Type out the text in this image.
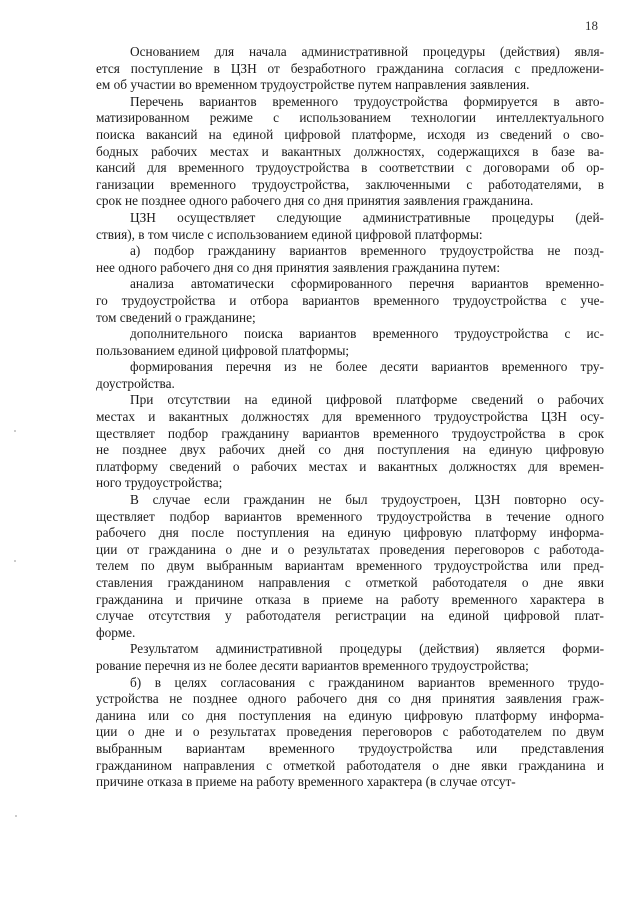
18
Основанием для начала административной процедуры (действия) явля-
ется поступление в ЦЗН от безработного гражданина согласия с предложени-
ем об участии во временном трудоустройстве путем направления заявления.
Перечень вариантов временного трудоустройства формируется в авто-
матизированном режиме с использованием технологии интеллектуального
поиска вакансий на единой цифровой платформе, исходя из сведений о сво-
бодных рабочих местах и вакантных должностях, содержащихся в базе ва-
кансий для временного трудоустройства в соответствии с договорами об ор-
ганизации временного трудоустройства, заключенными с работодателями, в
срок не позднее одного рабочего дня со дня принятия заявления гражданина.
ЦЗН осуществляет следующие административные процедуры (дей-
ствия), в том числе с использованием единой цифровой платформы:
а) подбор гражданину вариантов временного трудоустройства не позд-
нее одного рабочего дня со дня принятия заявления гражданина путем:
анализа автоматически сформированного перечня вариантов временно-
го трудоустройства и отбора вариантов временного трудоустройства с уче-
том сведений о гражданине;
дополнительного поиска вариантов временного трудоустройства с ис-
пользованием единой цифровой платформы;
формирования перечня из не более десяти вариантов временного тру-
доустройства.
При отсутствии на единой цифровой платформе сведений о рабочих
местах и вакантных должностях для временного трудоустройства ЦЗН осу-
ществляет подбор гражданину вариантов временного трудоустройства в срок
не позднее двух рабочих дней со дня поступления на единую цифровую
платформу сведений о рабочих местах и вакантных должностях для времен-
ного трудоустройства;
В случае если гражданин не был трудоустроен, ЦЗН повторно осу-
ществляет подбор вариантов временного трудоустройства в течение одного
рабочего дня после поступления на единую цифровую платформу информа-
ции от гражданина о дне и о результатах проведения переговоров с работода-
телем по двум выбранным вариантам временного трудоустройства или пред-
ставления гражданином направления с отметкой работодателя о дне явки
гражданина и причине отказа в приеме на работу временного характера в
случае отсутствия у работодателя регистрации на единой цифровой плат-
форме.
Результатом административной процедуры (действия) является форми-
рование перечня из не более десяти вариантов временного трудоустройства;
б) в целях согласования с гражданином вариантов временного трудо-
устройства не позднее одного рабочего дня со дня принятия заявления граж-
данина или со дня поступления на единую цифровую платформу информа-
ции о дне и о результатах проведения переговоров с работодателем по двум
выбранным вариантам временного трудоустройства или представления
гражданином направления с отметкой работодателя о дне явки гражданина и
причине отказа в приеме на работу временного характера (в случае отсут-
